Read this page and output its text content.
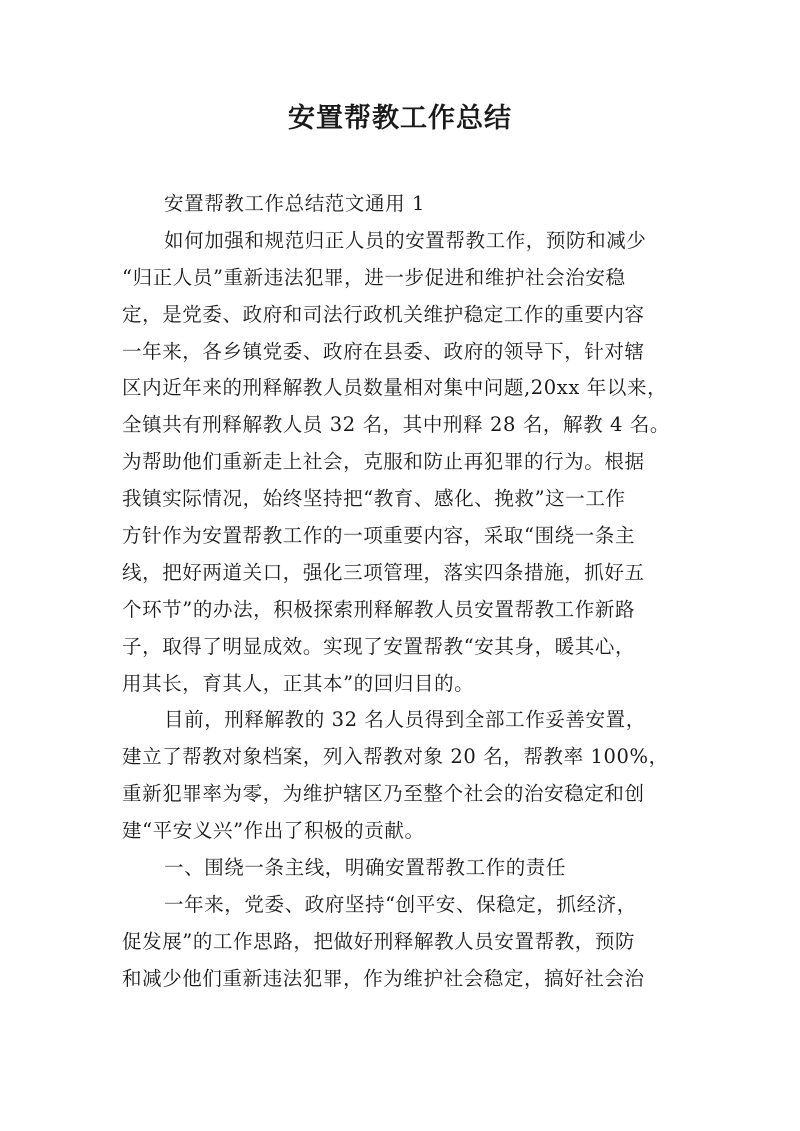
安置帮教工作总结
安置帮教工作总结范文通用 1
如何加强和规范归正人员的安置帮教工作，预防和减少
“归正人员”重新违法犯罪，进一步促进和维护社会治安稳
定，是党委、政府和司法行政机关维护稳定工作的重要内容
一年来，各乡镇党委、政府在县委、政府的领导下，针对辖
区内近年来的刑释解教人员数量相对集中问题,20xx 年以来，
全镇共有刑释解教人员 32 名，其中刑释 28 名，解教 4 名。
为帮助他们重新走上社会，克服和防止再犯罪的行为。根据
我镇实际情况，始终坚持把“教育、感化、挽救”这一工作
方针作为安置帮教工作的一项重要内容，采取“围绕一条主
线，把好两道关口，强化三项管理，落实四条措施，抓好五
个环节”的办法，积极探索刑释解教人员安置帮教工作新路
子，取得了明显成效。实现了安置帮教“安其身，暖其心，
用其长，育其人，正其本”的回归目的。
目前，刑释解教的 32 名人员得到全部工作妥善安置，
建立了帮教对象档案，列入帮教对象 20 名，帮教率 100%，
重新犯罪率为零，为维护辖区乃至整个社会的治安稳定和创
建“平安义兴”作出了积极的贡献。
一、围绕一条主线，明确安置帮教工作的责任
一年来，党委、政府坚持“创平安、保稳定，抓经济，
促发展”的工作思路，把做好刑释解教人员安置帮教，预防
和减少他们重新违法犯罪，作为维护社会稳定，搞好社会治
